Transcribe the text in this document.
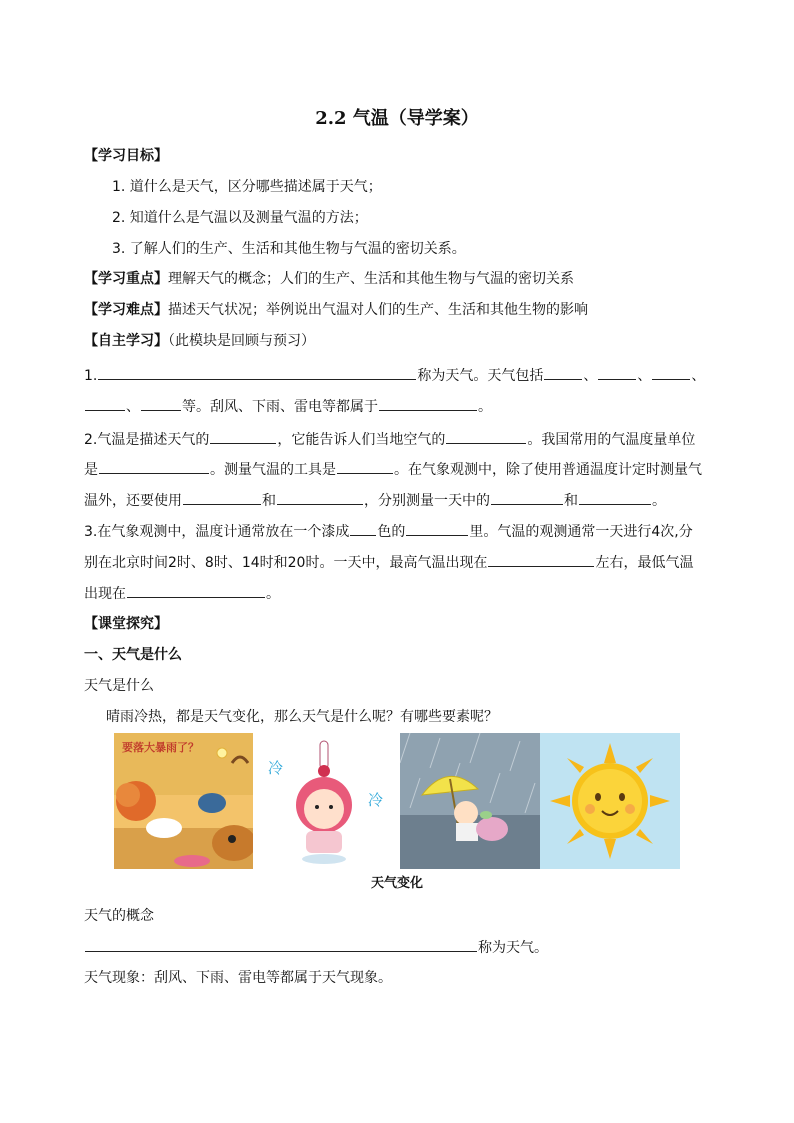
2.2 气温（导学案）
【学习目标】
1. 道什么是天气，区分哪些描述属于天气；
2. 知道什么是气温以及测量气温的方法；
3. 了解人们的生产、生活和其他生物与气温的密切关系。
【学习重点】理解天气的概念；人们的生产、生活和其他生物与气温的密切关系
【学习难点】描述天气状况；举例说出气温对人们的生产、生活和其他生物的影响
【自主学习】（此模块是回顾与预习）
1.	称为天气。天气包括	、	、	、
、	等。刮风、下雨、雷电等都属于	。
2.气温是描述天气的	，它能告诉人们当地空气的	。我国常用的气温度量单位
是	。测量气温的工具是	。在气象观测中，除了使用普通温度计定时测量气
温外，还要使用	和	，分别测量一天中的	和	。
3.在气象观测中，温度计通常放在一个漆成 色的	里。气温的观测通常一天进行4次,分
别在北京时间2时、8时、14时和20时。一天中，最高气温出现在	左右，最低气温
出现在	。
【课堂探究】
一、天气是什么
天气是什么
晴雨冷热，都是天气变化，那么天气是什么呢？有哪些要素呢？
要落大暴雨了？
冷
冷
天气变化
天气的概念
称为天气。
天气现象：刮风、下雨、雷电等都属于天气现象。
